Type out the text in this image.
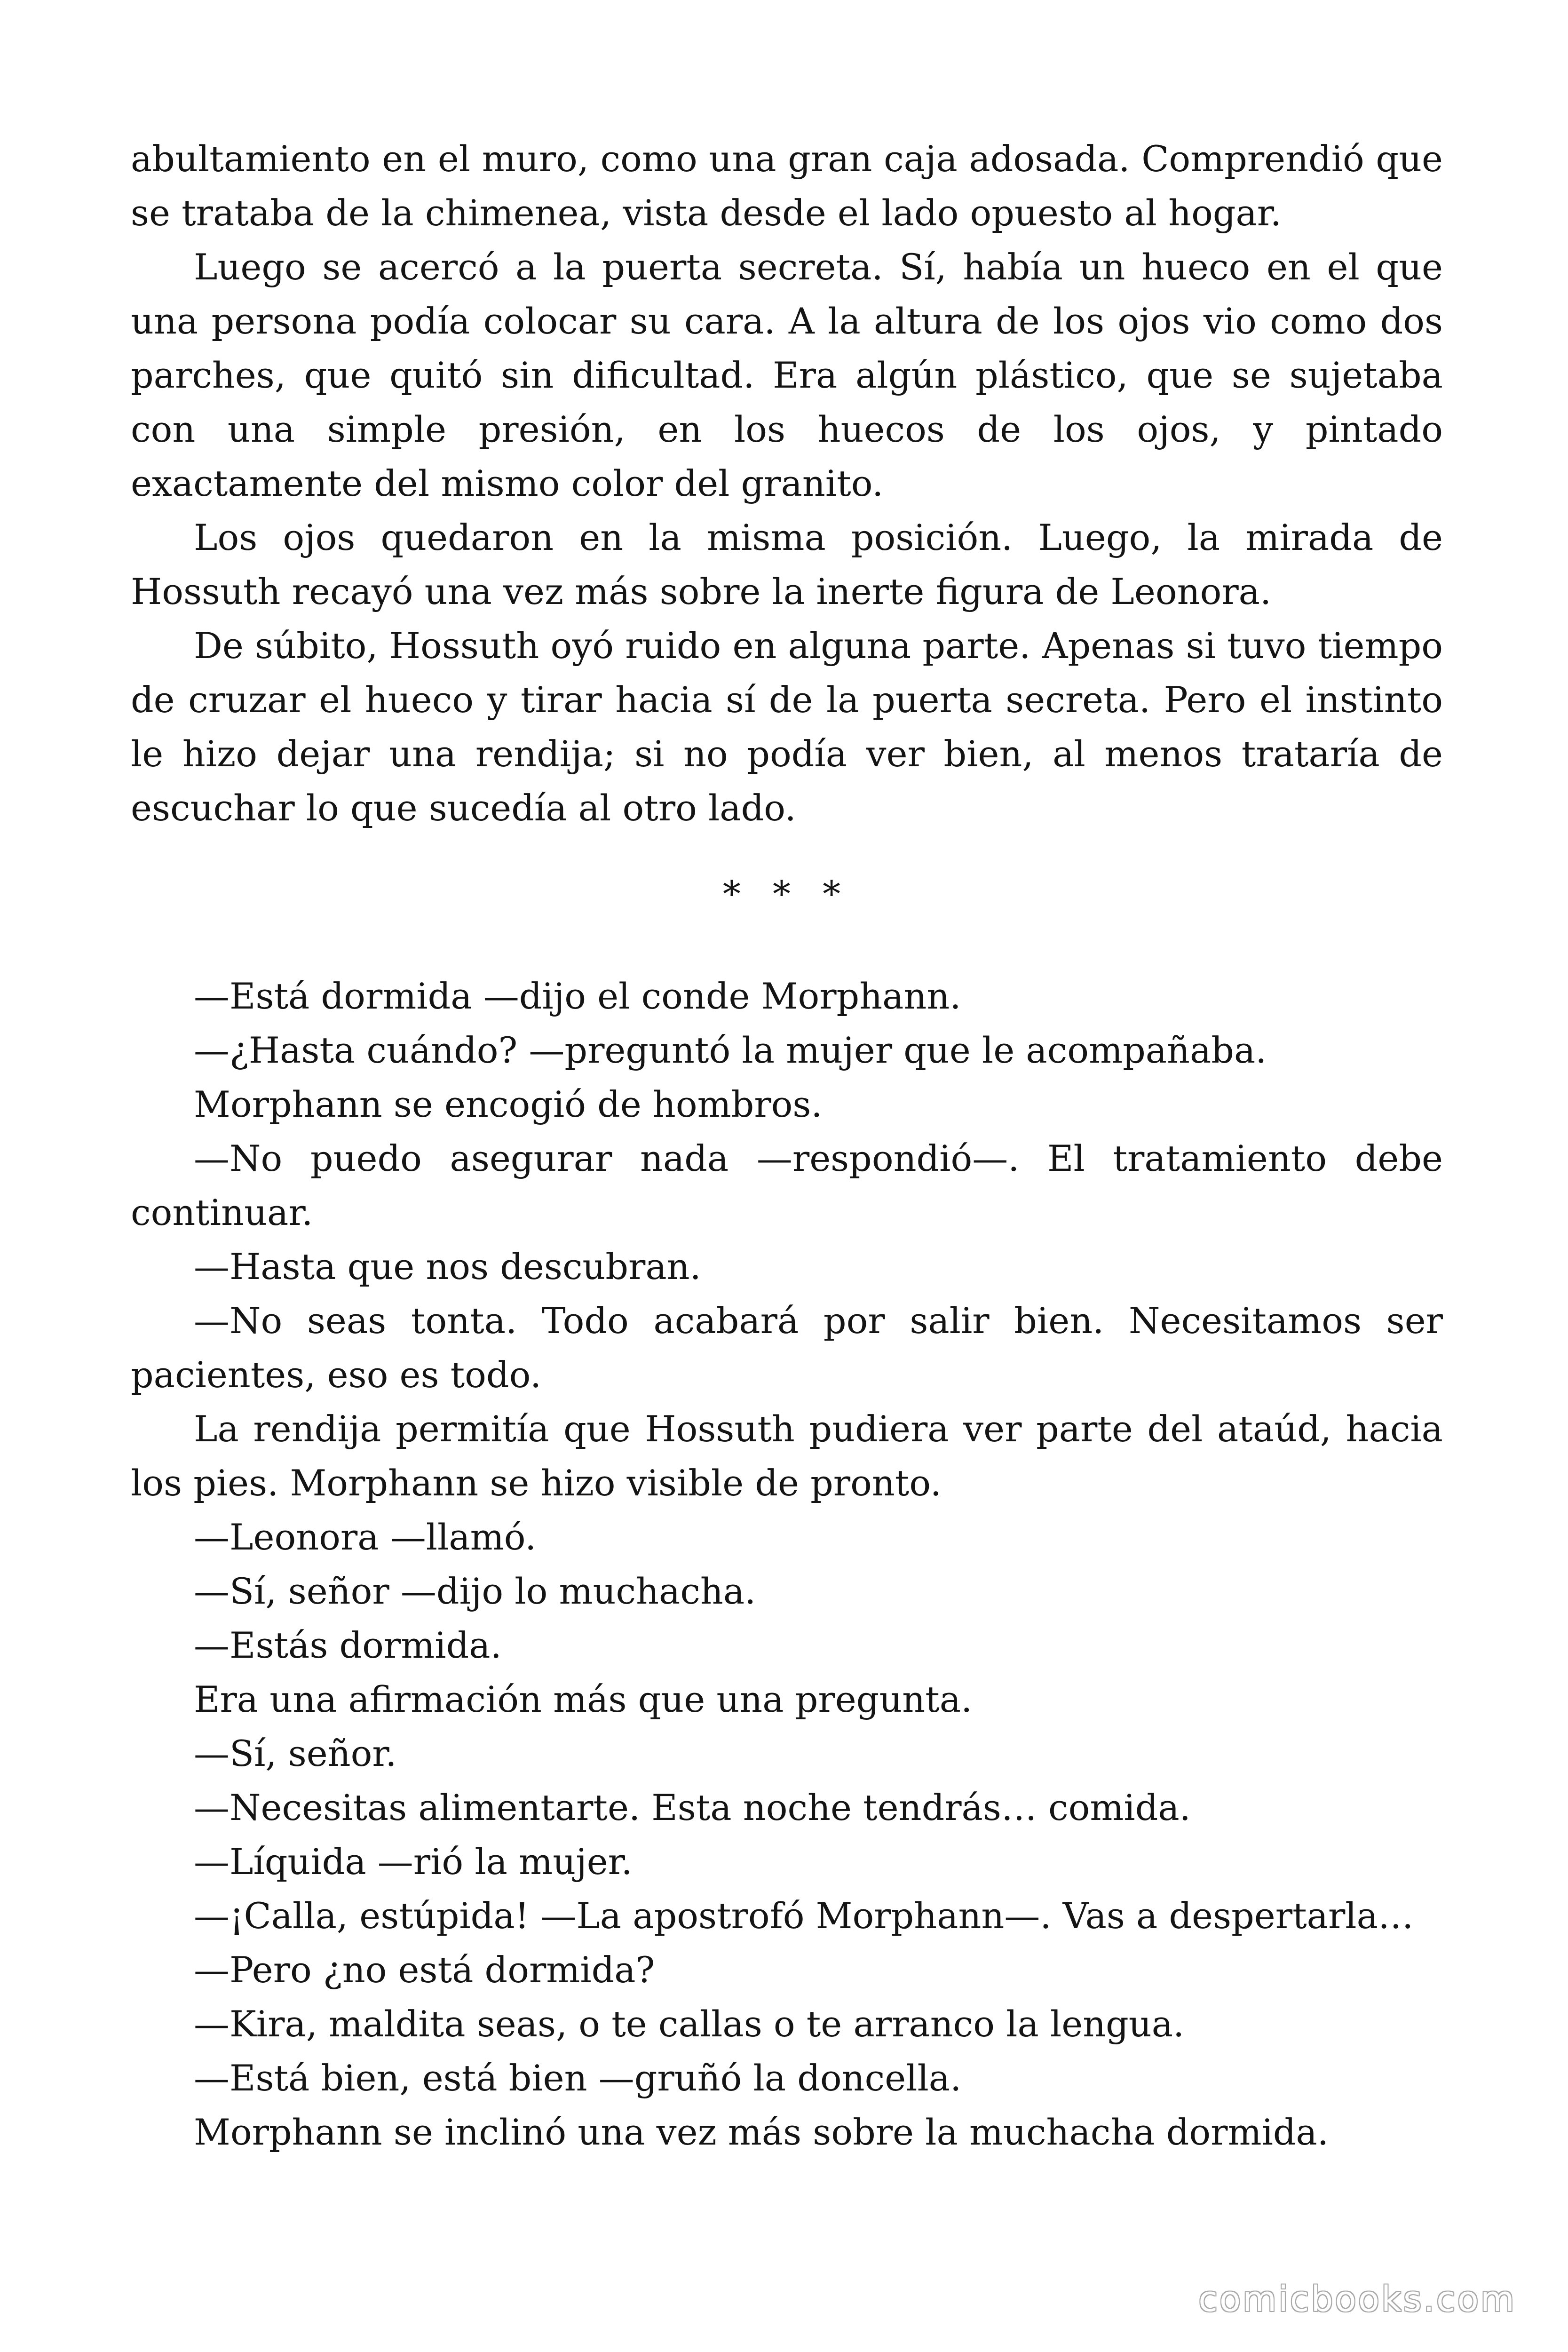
abultamiento en el muro, como una gran caja adosada. Comprendió que se trataba de la chimenea, vista desde el lado opuesto al hogar.

Luego se acercó a la puerta secreta. Sí, había un hueco en el que una persona podía colocar su cara. A la altura de los ojos vio como dos parches, que quitó sin dificultad. Era algún plástico, que se sujetaba con una simple presión, en los huecos de los ojos, y pintado exactamente del mismo color del granito.

Los ojos quedaron en la misma posición. Luego, la mirada de Hossuth recayó una vez más sobre la inerte figura de Leonora.

De súbito, Hossuth oyó ruido en alguna parte. Apenas si tuvo tiempo de cruzar el hueco y tirar hacia sí de la puerta secreta. Pero el instinto le hizo dejar una rendija; si no podía ver bien, al menos trataría de escuchar lo que sucedía al otro lado.

* * *

—Está dormida —dijo el conde Morphann.

—¿Hasta cuándo? —preguntó la mujer que le acompañaba.

Morphann se encogió de hombros.

—No puedo asegurar nada —respondió—. El tratamiento debe continuar.

—Hasta que nos descubran.

—No seas tonta. Todo acabará por salir bien. Necesitamos ser pacientes, eso es todo.

La rendija permitía que Hossuth pudiera ver parte del ataúd, hacia los pies. Morphann se hizo visible de pronto.

—Leonora —llamó.

—Sí, señor —dijo lo muchacha.

—Estás dormida.

Era una afirmación más que una pregunta.

—Sí, señor.

—Necesitas alimentarte. Esta noche tendrás… comida.

—Líquida —rió la mujer.

—¡Calla, estúpida! —La apostrofó Morphann—. Vas a despertarla…

—Pero ¿no está dormida?

—Kira, maldita seas, o te callas o te arranco la lengua.

—Está bien, está bien —gruñó la doncella.

Morphann se inclinó una vez más sobre la muchacha dormida.

comicbooks.com
